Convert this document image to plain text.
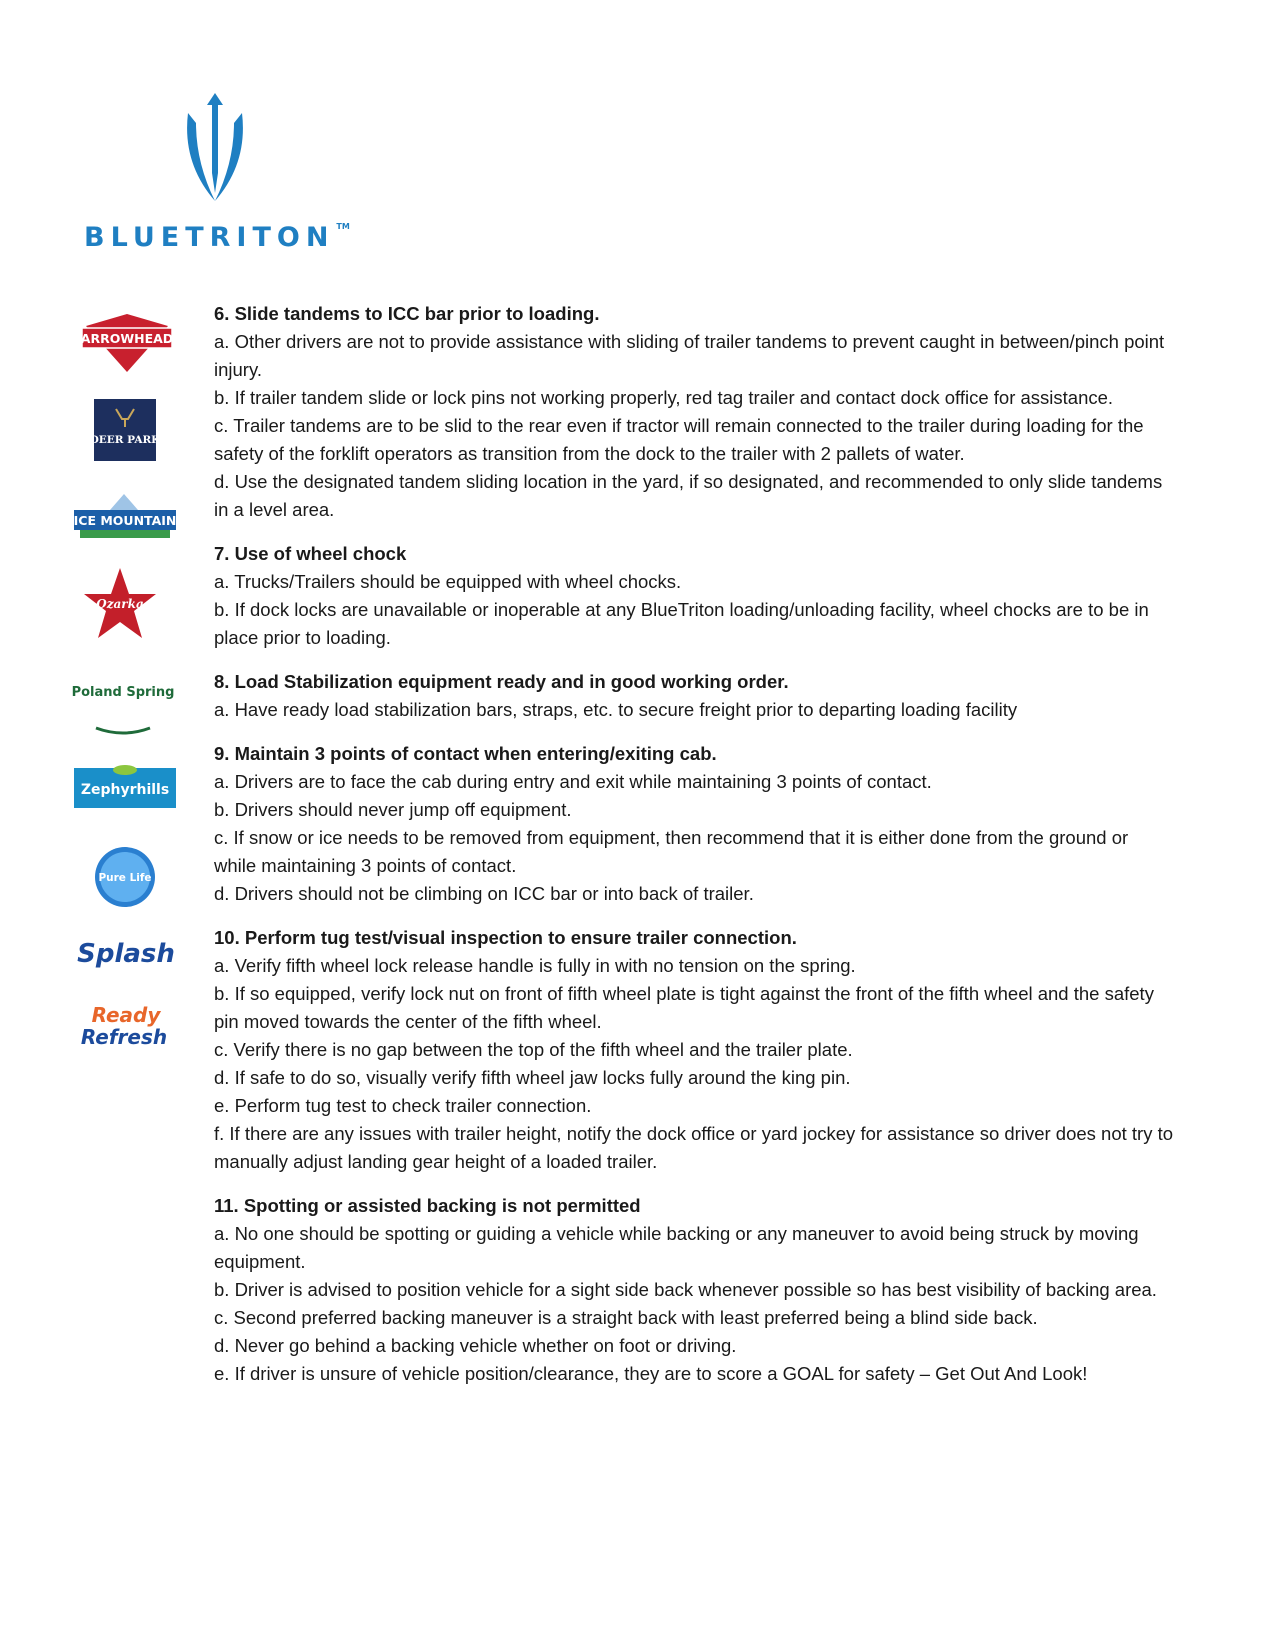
BLUETRITON ™
ARROWHEAD
DEER PARK
ICE MOUNTAIN
Ozarka
Poland Spring
Zephyrhills
Pure Life
Splash
Ready
Refresh

6. Slide tandems to ICC bar prior to loading.

a. Other drivers are not to provide assistance with sliding of trailer tandems to prevent caught in between/pinch point injury.

b. If trailer tandem slide or lock pins not working properly, red tag trailer and contact dock office for assistance.

c. Trailer tandems are to be slid to the rear even if tractor will remain connected to the trailer during loading for the safety of the forklift operators as transition from the dock to the trailer with 2 pallets of water.

d. Use the designated tandem sliding location in the yard, if so designated, and recommended to only slide tandems in a level area.

7. Use of wheel chock

a. Trucks/Trailers should be equipped with wheel chocks.

b. If dock locks are unavailable or inoperable at any BlueTriton loading/unloading facility, wheel chocks are to be in place prior to loading.

8. Load Stabilization equipment ready and in good working order.

a. Have ready load stabilization bars, straps, etc. to secure freight prior to departing loading facility

9. Maintain 3 points of contact when entering/exiting cab.

a. Drivers are to face the cab during entry and exit while maintaining 3 points of contact.

b. Drivers should never jump off equipment.

c. If snow or ice needs to be removed from equipment, then recommend that it is either done from the ground or while maintaining 3 points of contact.

d. Drivers should not be climbing on ICC bar or into back of trailer.

10. Perform tug test/visual inspection to ensure trailer connection.

a. Verify fifth wheel lock release handle is fully in with no tension on the spring.

b. If so equipped, verify lock nut on front of fifth wheel plate is tight against the front of the fifth wheel and the safety pin moved towards the center of the fifth wheel.

c. Verify there is no gap between the top of the fifth wheel and the trailer plate.

d. If safe to do so, visually verify fifth wheel jaw locks fully around the king pin.

e. Perform tug test to check trailer connection.

f. If there are any issues with trailer height, notify the dock office or yard jockey for assistance so driver does not try to manually adjust landing gear height of a loaded trailer.

11. Spotting or assisted backing is not permitted

a. No one should be spotting or guiding a vehicle while backing or any maneuver to avoid being struck by moving equipment.

b. Driver is advised to position vehicle for a sight side back whenever possible so has best visibility of backing area.

c. Second preferred backing maneuver is a straight back with least preferred being a blind side back.

d. Never go behind a backing vehicle whether on foot or driving.

e. If driver is unsure of vehicle position/clearance, they are to score a GOAL for safety – Get Out And Look!
